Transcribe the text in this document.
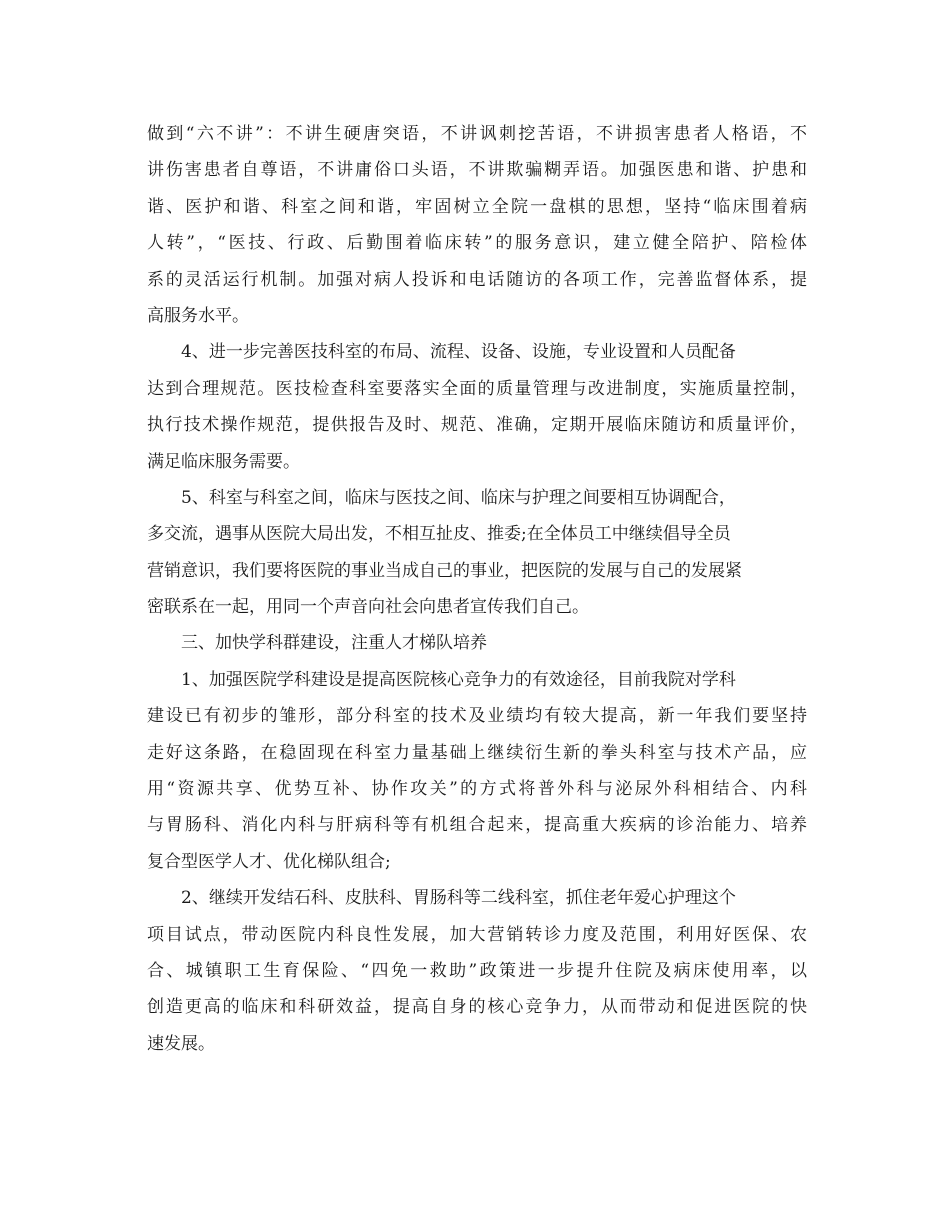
做到“六不讲”：不讲生硬唐突语，不讲讽刺挖苦语，不讲损害患者人格语，不
讲伤害患者自尊语，不讲庸俗口头语，不讲欺骗糊弄语。加强医患和谐、护患和
谐、医护和谐、科室之间和谐，牢固树立全院一盘棋的思想，坚持“临床围着病
人转”，“医技、行政、后勤围着临床转”的服务意识，建立健全陪护、陪检体
系的灵活运行机制。加强对病人投诉和电话随访的各项工作，完善监督体系，提
高服务水平。
4、进一步完善医技科室的布局、流程、设备、设施，专业设置和人员配备
达到合理规范。医技检查科室要落实全面的质量管理与改进制度，实施质量控制，
执行技术操作规范，提供报告及时、规范、准确，定期开展临床随访和质量评价，
满足临床服务需要。
5、科室与科室之间，临床与医技之间、临床与护理之间要相互协调配合，
多交流，遇事从医院大局出发，不相互扯皮、推委;在全体员工中继续倡导全员
营销意识，我们要将医院的事业当成自己的事业，把医院的发展与自己的发展紧
密联系在一起，用同一个声音向社会向患者宣传我们自己。
三、加快学科群建设，注重人才梯队培养
1、加强医院学科建设是提高医院核心竞争力的有效途径，目前我院对学科
建设已有初步的雏形，部分科室的技术及业绩均有较大提高，新一年我们要坚持
走好这条路，在稳固现在科室力量基础上继续衍生新的拳头科室与技术产品，应
用“资源共享、优势互补、协作攻关”的方式将普外科与泌尿外科相结合、内科
与胃肠科、消化内科与肝病科等有机组合起来，提高重大疾病的诊治能力、培养
复合型医学人才、优化梯队组合;
2、继续开发结石科、皮肤科、胃肠科等二线科室，抓住老年爱心护理这个
项目试点，带动医院内科良性发展，加大营销转诊力度及范围，利用好医保、农
合、城镇职工生育保险、“四免一救助”政策进一步提升住院及病床使用率，以
创造更高的临床和科研效益，提高自身的核心竞争力，从而带动和促进医院的快
速发展。
